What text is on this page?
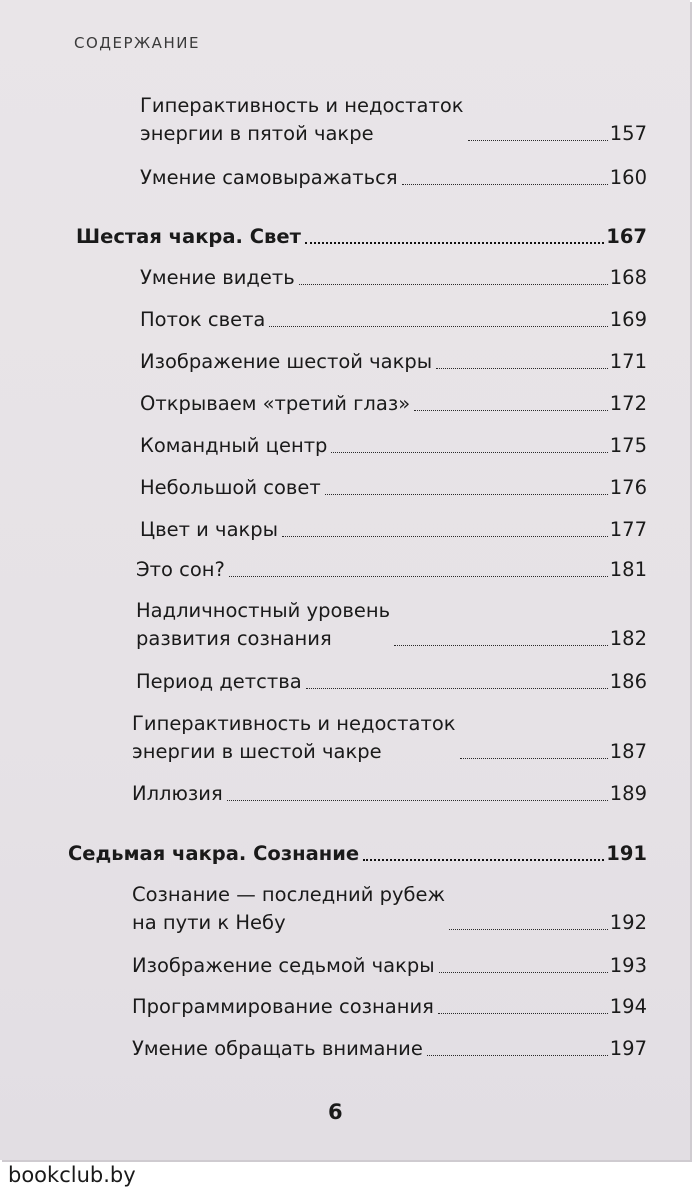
СОДЕРЖАНИЕ
Гиперактивность и недостаток
энергии в пятой чакре	157
Умение самовыражаться	160
Шестая чакра. Свет	167
Умение видеть	168
Поток света	169
Изображение шестой чакры	171
Открываем «третий глаз»	172
Командный центр	175
Небольшой совет	176
Цвет и чакры	177
Это сон?	181
Надличностный уровень
развития сознания	182
Период детства	186
Гиперактивность и недостаток
энергии в шестой чакре	187
Иллюзия	189
Седьмая чакра. Сознание	191
Сознание — последний рубеж
на пути к Небу	192
Изображение седьмой чакры	193
Программирование сознания	194
Умение обращать внимание	197
6
bookclub.by
